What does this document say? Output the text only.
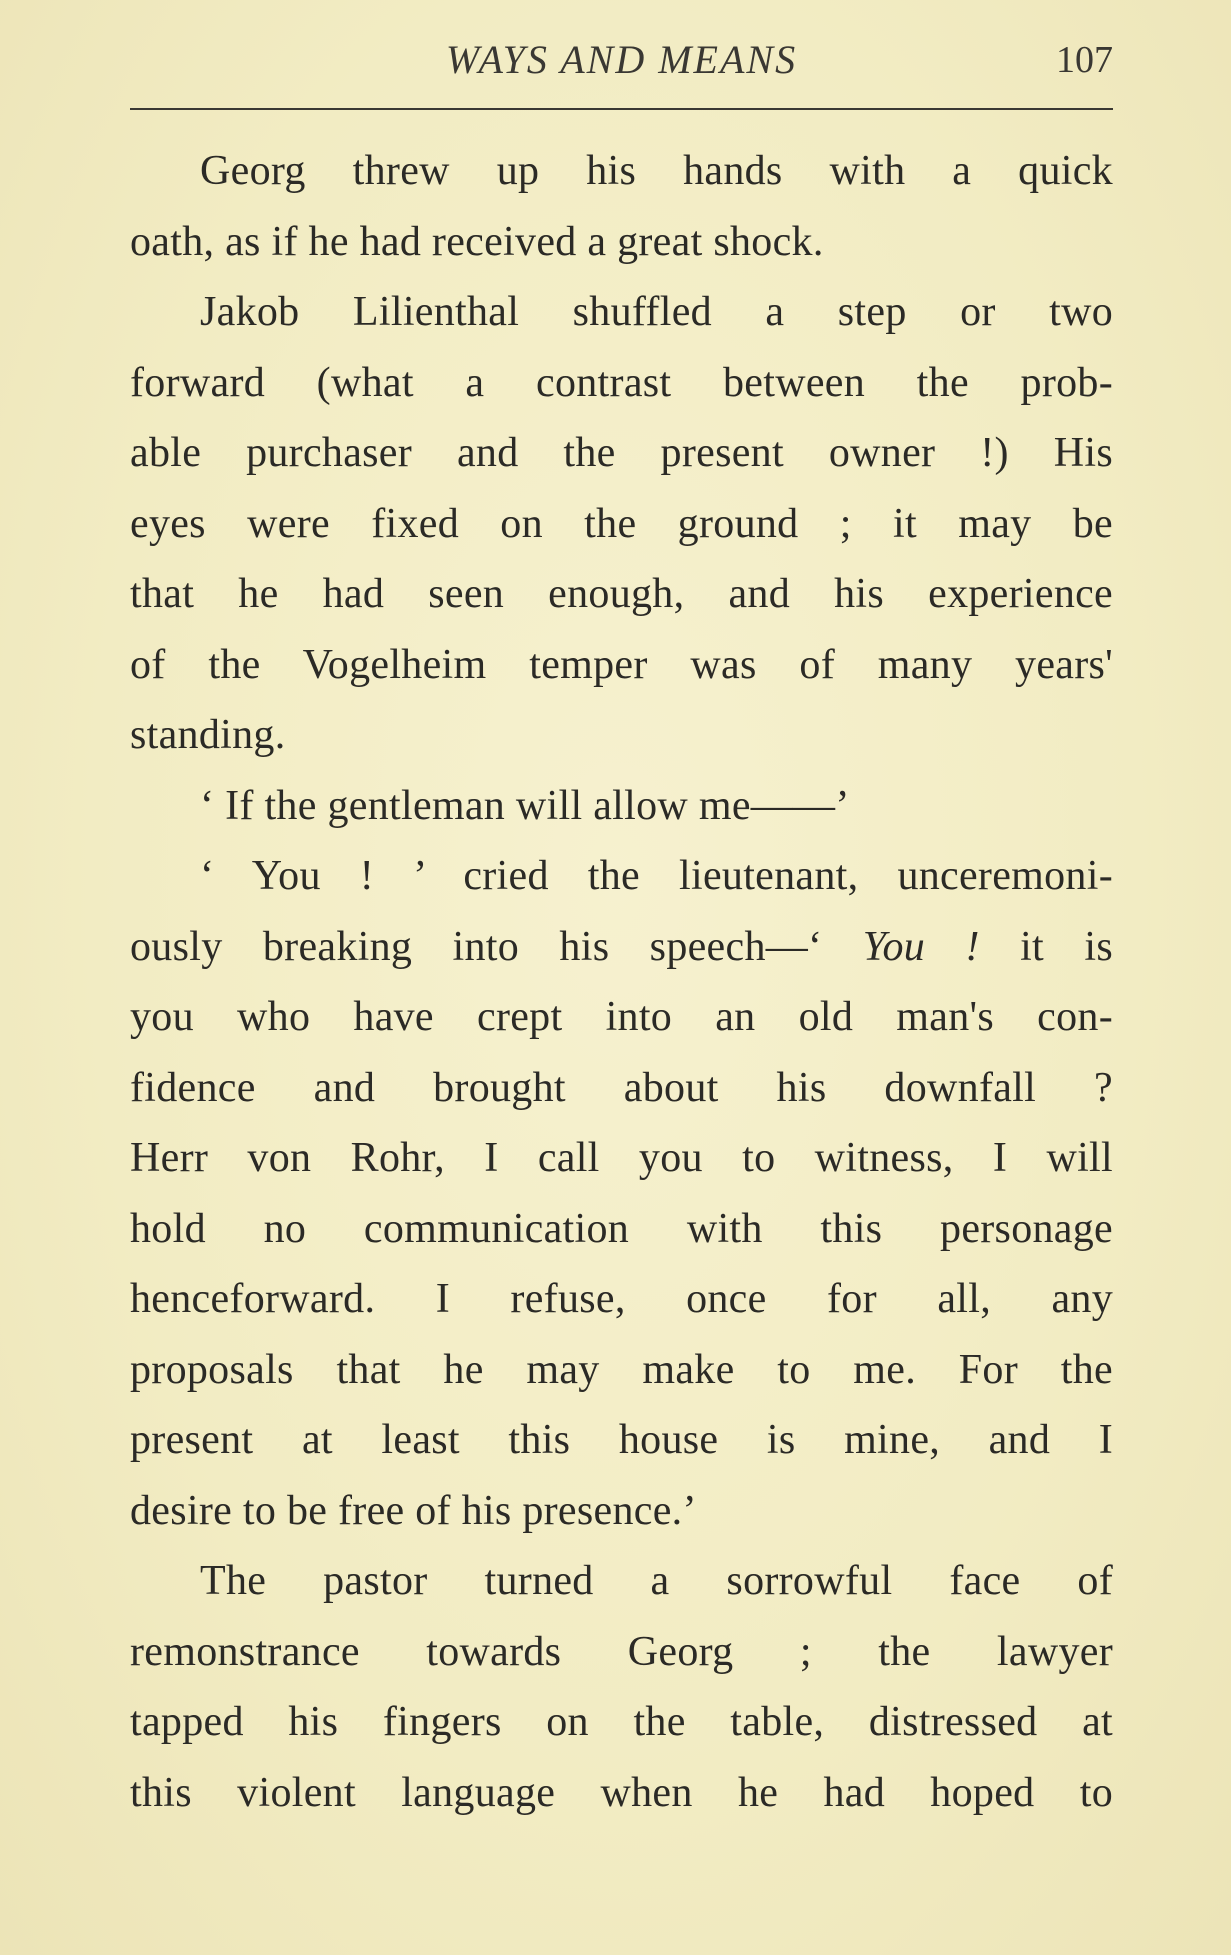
WAYS AND MEANS	107

Georg threw up his hands with a quick

oath, as if he had received a great shock.

Jakob Lilienthal shuffled a step or two

forward (what a contrast between the prob-

able purchaser and the present owner !) His

eyes were fixed on the ground ; it may be

that he had seen enough, and his experience

of the Vogelheim temper was of many years'

standing.

‘ If the gentleman will allow me——’

‘ You ! ’ cried the lieutenant, unceremoni-

ously breaking into his speech—‘ You ! it is

you who have crept into an old man's con-

fidence and brought about his downfall ?

Herr von Rohr, I call you to witness, I will

hold no communication with this personage

henceforward. I refuse, once for all, any

proposals that he may make to me. For the

present at least this house is mine, and I

desire to be free of his presence.’

The pastor turned a sorrowful face of

remonstrance towards Georg ; the lawyer

tapped his fingers on the table, distressed at

this violent language when he had hoped to
